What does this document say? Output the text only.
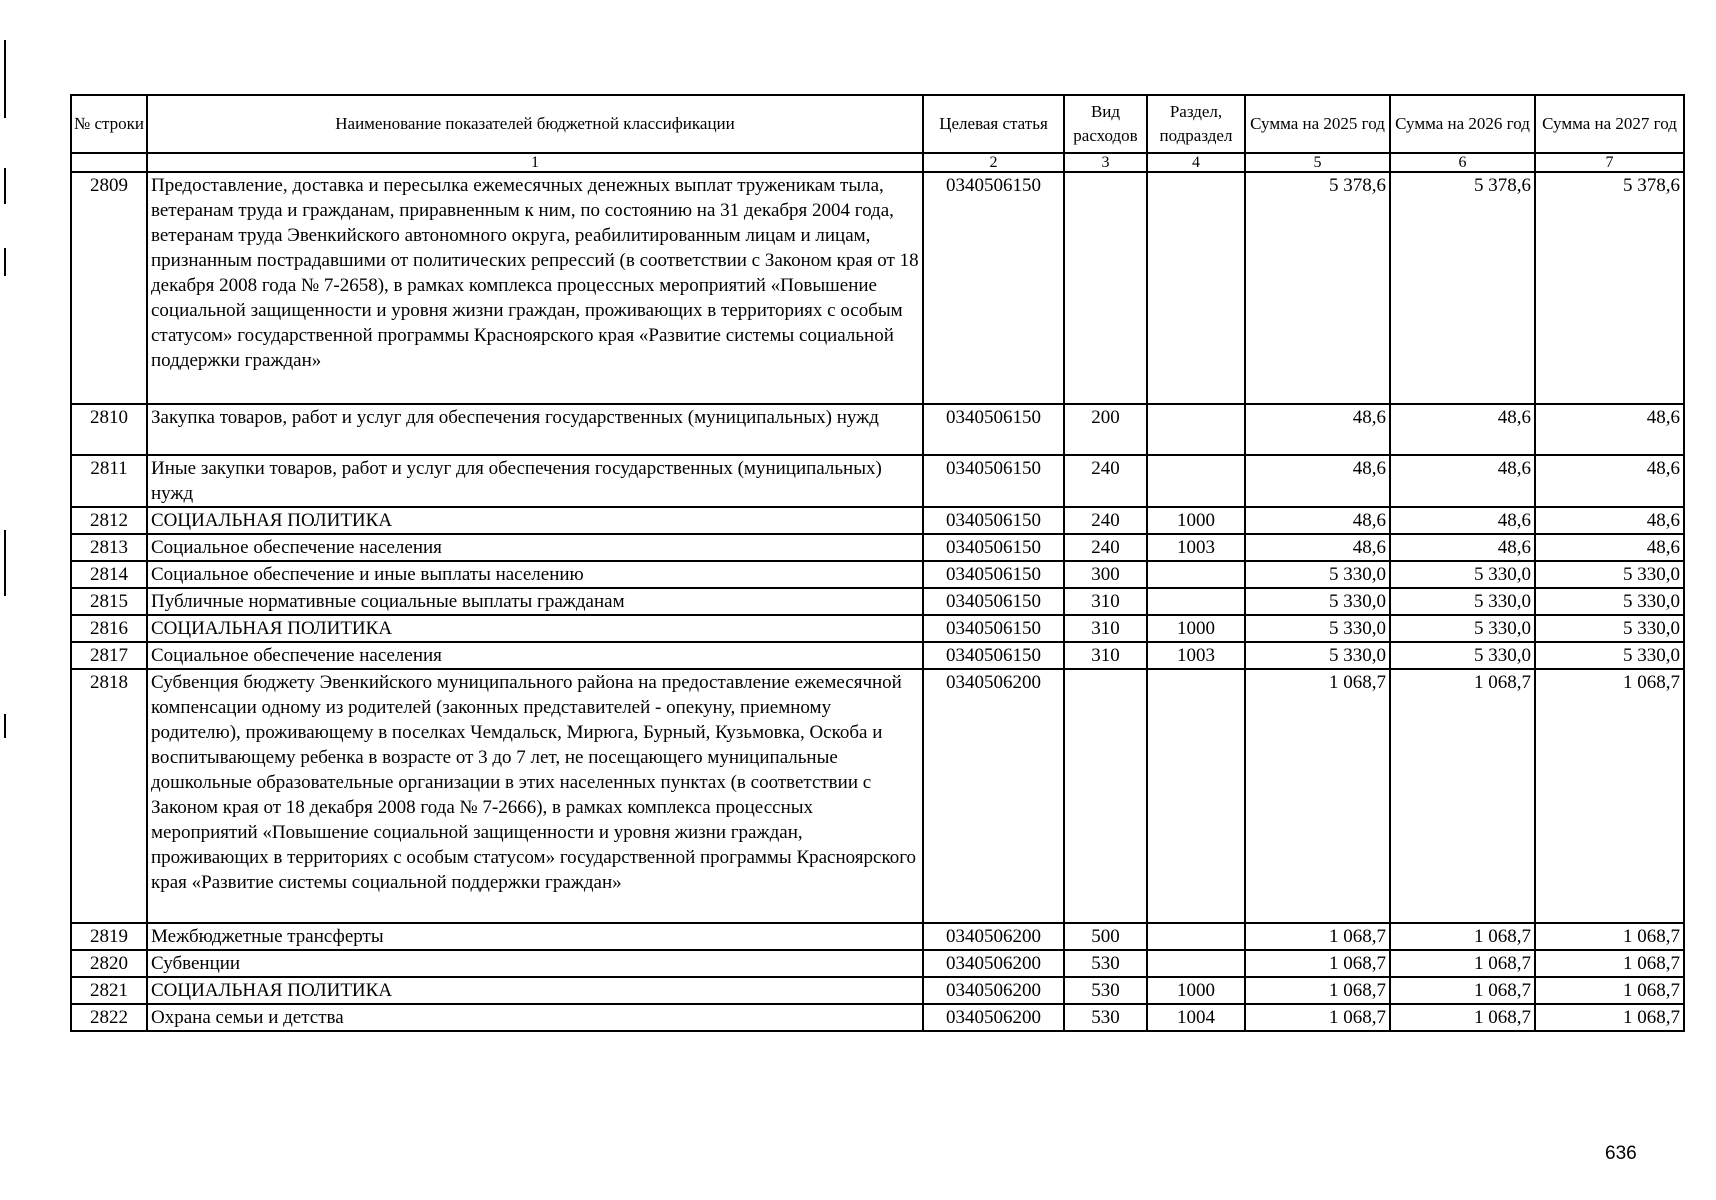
№ строки	Наименование показателей бюджетной классификации	Целевая статья	Вид расходов	Раздел, подраздел	Сумма на 2025 год	Сумма на 2026 год	Сумма на 2027 год
	1	2	3	4	5	6	7
2809	Предоставление, доставка и пересылка ежемесячных денежных выплат труженикам тыла, ветеранам труда и гражданам, приравненным к ним, по состоянию на 31 декабря 2004 года, ветеранам труда Эвенкийского автономного округа, реабилитированным лицам и лицам, признанным пострадавшими от политических репрессий (в соответствии с Законом края от 18 декабря 2008 года № 7-2658), в рамках комплекса процессных мероприятий «Повышение социальной защищенности и уровня жизни граждан, проживающих в территориях с особым статусом» государственной программы Красноярского края «Развитие системы социальной поддержки граждан»	0340506150			5 378,6	5 378,6	5 378,6
2810	Закупка товаров, работ и услуг для обеспечения государственных (муниципальных) нужд	0340506150	200		48,6	48,6	48,6
2811	Иные закупки товаров, работ и услуг для обеспечения государственных (муниципальных) нужд	0340506150	240		48,6	48,6	48,6
2812	СОЦИАЛЬНАЯ ПОЛИТИКА	0340506150	240	1000	48,6	48,6	48,6
2813	Социальное обеспечение населения	0340506150	240	1003	48,6	48,6	48,6
2814	Социальное обеспечение и иные выплаты населению	0340506150	300		5 330,0	5 330,0	5 330,0
2815	Публичные нормативные социальные выплаты гражданам	0340506150	310		5 330,0	5 330,0	5 330,0
2816	СОЦИАЛЬНАЯ ПОЛИТИКА	0340506150	310	1000	5 330,0	5 330,0	5 330,0
2817	Социальное обеспечение населения	0340506150	310	1003	5 330,0	5 330,0	5 330,0
2818	Субвенция бюджету Эвенкийского муниципального района на предоставление ежемесячной компенсации одному из родителей (законных представителей - опекуну, приемному родителю), проживающему в поселках Чемдальск, Мирюга, Бурный, Кузьмовка, Оскоба и воспитывающему ребенка в возрасте от 3 до 7 лет, не посещающего муниципальные дошкольные образовательные организации в этих населенных пунктах (в соответствии с Законом края от 18 декабря 2008 года № 7-2666), в рамках комплекса процессных мероприятий «Повышение социальной защищенности и уровня жизни граждан, проживающих в территориях с особым статусом» государственной программы Красноярского края «Развитие системы социальной поддержки граждан»	0340506200			1 068,7	1 068,7	1 068,7
2819	Межбюджетные трансферты	0340506200	500		1 068,7	1 068,7	1 068,7
2820	Субвенции	0340506200	530		1 068,7	1 068,7	1 068,7
2821	СОЦИАЛЬНАЯ ПОЛИТИКА	0340506200	530	1000	1 068,7	1 068,7	1 068,7
2822	Охрана семьи и детства	0340506200	530	1004	1 068,7	1 068,7	1 068,7
636
